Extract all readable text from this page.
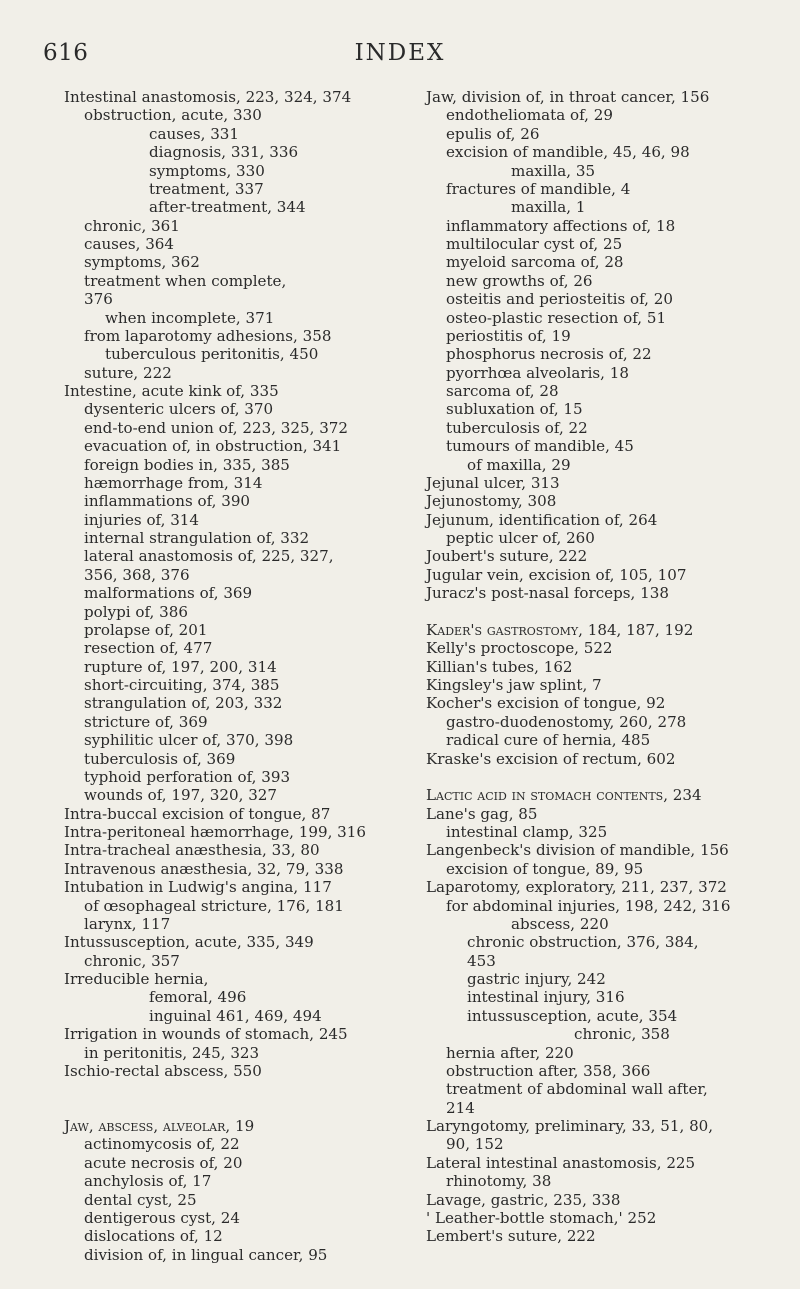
616	INDEX
Intestinal anastomosis, 223, 324, 374
obstruction, acute, 330
causes, 331
diagnosis, 331, 336
symptoms, 330
treatment, 337
after-treatment, 344
chronic, 361
causes, 364
symptoms, 362
treatment when complete,
376
when incomplete, 371
from laparotomy adhesions, 358
tuberculous peritonitis, 450
suture, 222
Intestine, acute kink of, 335
dysenteric ulcers of, 370
end-to-end union of, 223, 325, 372
evacuation of, in obstruction, 341
foreign bodies in, 335, 385
hæmorrhage from, 314
inflammations of, 390
injuries of, 314
internal strangulation of, 332
lateral anastomosis of, 225, 327,
356, 368, 376
malformations of, 369
polypi of, 386
prolapse of, 201
resection of, 477
rupture of, 197, 200, 314
short-circuiting, 374, 385
strangulation of, 203, 332
stricture of, 369
syphilitic ulcer of, 370, 398
tuberculosis of, 369
typhoid perforation of, 393
wounds of, 197, 320, 327
Intra-buccal excision of tongue, 87
Intra-peritoneal hæmorrhage, 199, 316
Intra-tracheal anæsthesia, 33, 80
Intravenous anæsthesia, 32, 79, 338
Intubation in Ludwig's angina, 117
of œsophageal stricture, 176, 181
larynx, 117
Intussusception, acute, 335, 349
chronic, 357
Irreducible hernia,
femoral, 496
inguinal 461, 469, 494
Irrigation in wounds of stomach, 245
in peritonitis, 245, 323
Ischio-rectal abscess, 550
Jaw, abscess, alveolar, 19
actinomycosis of, 22
acute necrosis of, 20
anchylosis of, 17
dental cyst, 25
dentigerous cyst, 24
dislocations of, 12
division of, in lingual cancer, 95
Jaw, division of, in throat cancer, 156
endotheliomata of, 29
epulis of, 26
excision of mandible, 45, 46, 98
maxilla, 35
fractures of mandible, 4
maxilla, 1
inflammatory affections of, 18
multilocular cyst of, 25
myeloid sarcoma of, 28
new growths of, 26
osteitis and periosteitis of, 20
osteo-plastic resection of, 51
periostitis of, 19
phosphorus necrosis of, 22
pyorrhœa alveolaris, 18
sarcoma of, 28
subluxation of, 15
tuberculosis of, 22
tumours of mandible, 45
of maxilla, 29
Jejunal ulcer, 313
Jejunostomy, 308
Jejunum, identification of, 264
peptic ulcer of, 260
Joubert's suture, 222
Jugular vein, excision of, 105, 107
Juracz's post-nasal forceps, 138
Kader's gastrostomy, 184, 187, 192
Kelly's proctoscope, 522
Killian's tubes, 162
Kingsley's jaw splint, 7
Kocher's excision of tongue, 92
gastro-duodenostomy, 260, 278
radical cure of hernia, 485
Kraske's excision of rectum, 602
Lactic acid in stomach contents, 234
Lane's gag, 85
intestinal clamp, 325
Langenbeck's division of mandible, 156
excision of tongue, 89, 95
Laparotomy, exploratory, 211, 237, 372
for abdominal injuries, 198, 242, 316
abscess, 220
chronic obstruction, 376, 384,
453
gastric injury, 242
intestinal injury, 316
intussusception, acute, 354
chronic, 358
hernia after, 220
obstruction after, 358, 366
treatment of abdominal wall after,
214
Laryngotomy, preliminary, 33, 51, 80,
90, 152
Lateral intestinal anastomosis, 225
rhinotomy, 38
Lavage, gastric, 235, 338
' Leather-bottle stomach,' 252
Lembert's suture, 222
